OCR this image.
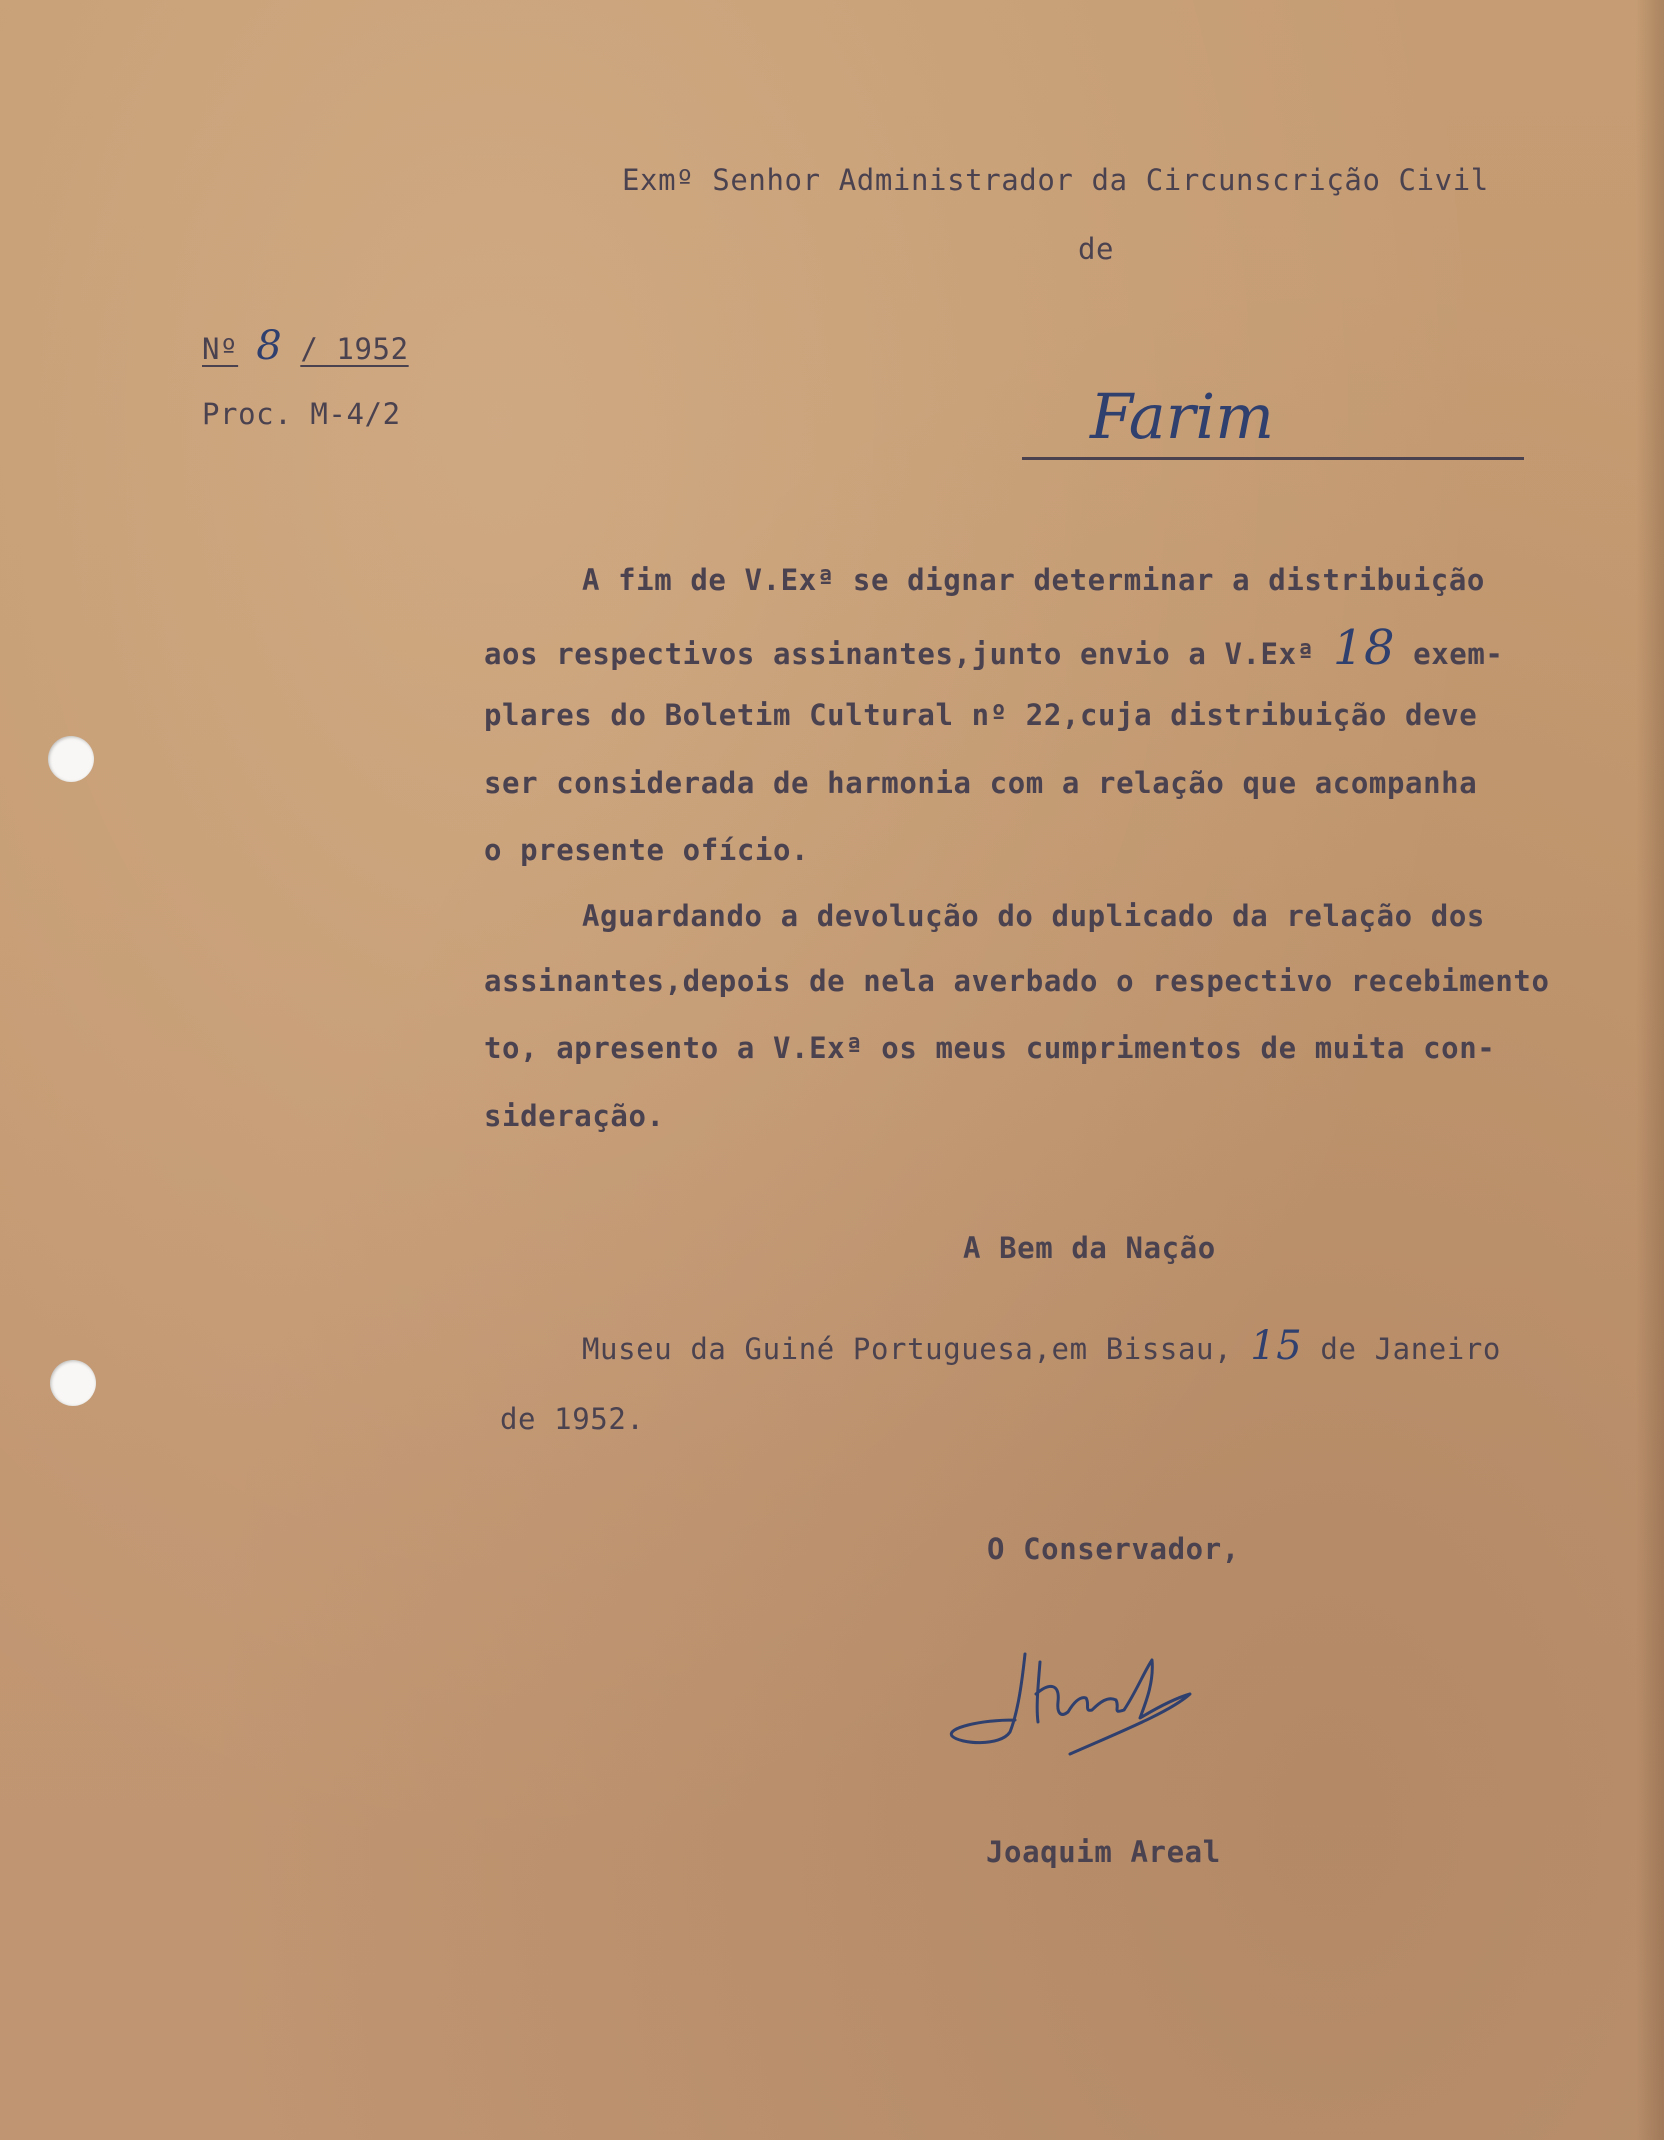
Exmº Senhor Administrador da Circunscrição Civil
de
Farim
Nº 8 / 1952
Proc. M-4/2
A fim de V.Exª se dignar determinar a distribuição
aos respectivos assinantes,junto envio a V.Exª 18 exem-
plares do Boletim Cultural nº 22,cuja distribuição deve
ser considerada de harmonia com a relação que acompanha
o presente ofício.
Aguardando a devolução do duplicado da relação dos
assinantes,depois de nela averbado o respectivo recebimento
to, apresento a V.Exª os meus cumprimentos de muita con-
sideração.
A Bem da Nação
Museu da Guiné Portuguesa,em Bissau, 15 de Janeiro
de 1952.
O Conservador,
Joaquim Areal
